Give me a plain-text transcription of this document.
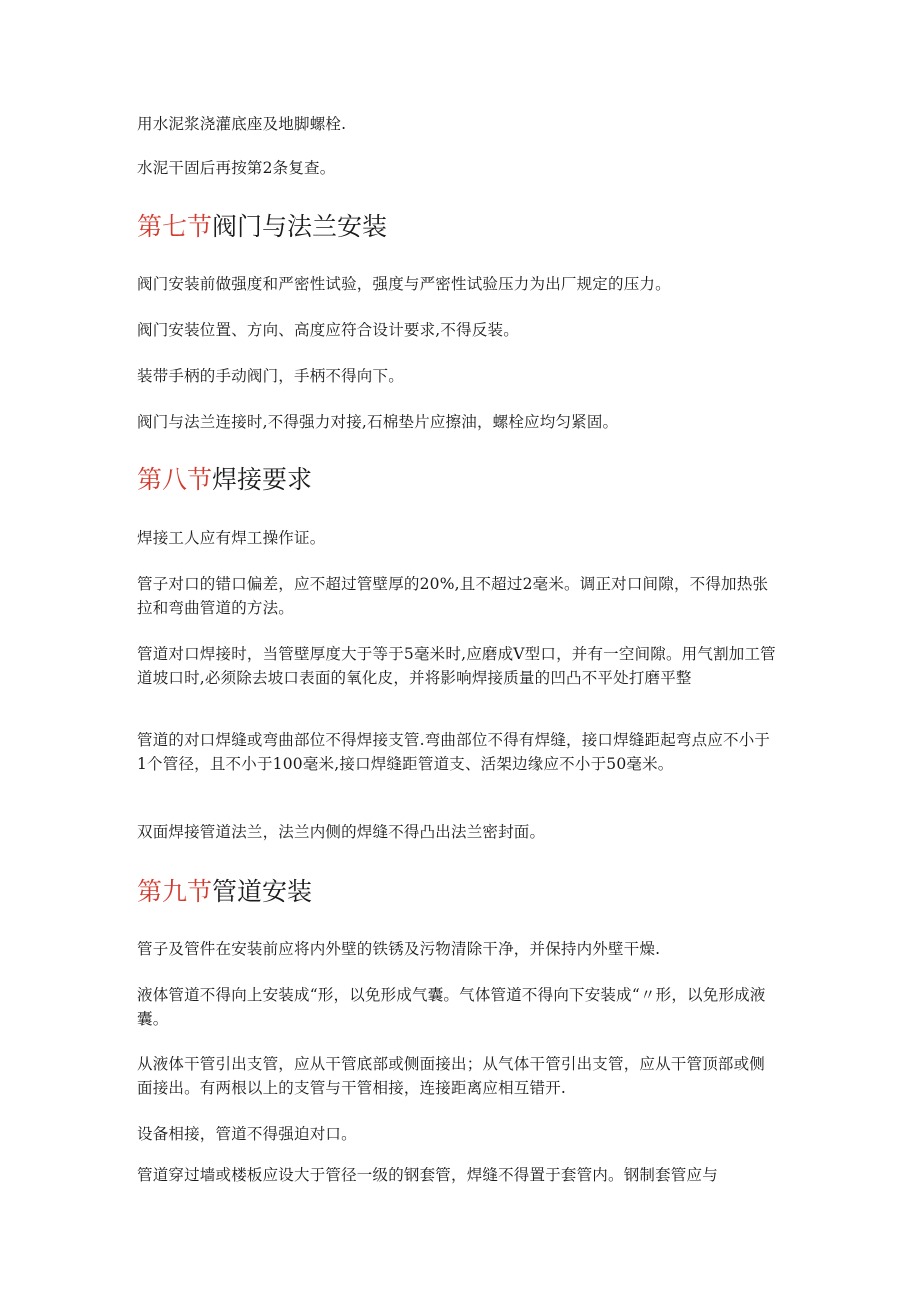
用水泥浆浇灌底座及地脚螺栓.

水泥干固后再按第2条复查。

第七节阀门与法兰安装

阀门安装前做强度和严密性试验，强度与严密性试验压力为出厂规定的压力。

阀门安装位置、方向、高度应符合设计要求,不得反装。

装带手柄的手动阀门，手柄不得向下。

阀门与法兰连接时,不得强力对接,石棉垫片应擦油，螺栓应均匀紧固。

第八节焊接要求

焊接工人应有焊工操作证。

管子对口的错口偏差，应不超过管壁厚的20%,且不超过2毫米。调正对口间隙，不得加热张拉和弯曲管道的方法。

管道对口焊接时，当管壁厚度大于等于5毫米时,应磨成V型口，并有一空间隙。用气割加工管道坡口时,必须除去坡口表面的氧化皮，并将影响焊接质量的凹凸不平处打磨平整

管道的对口焊缝或弯曲部位不得焊接支管.弯曲部位不得有焊缝，接口焊缝距起弯点应不小于1个管径，且不小于100毫米,接口焊缝距管道支、活架边缘应不小于50毫米。

双面焊接管道法兰，法兰内侧的焊缝不得凸出法兰密封面。

第九节管道安装

管子及管件在安装前应将内外壁的铁锈及污物清除干净，并保持内外壁干燥.

液体管道不得向上安装成“形，以免形成气囊。气体管道不得向下安装成“〃形，以免形成液囊。

从液体干管引出支管，应从干管底部或侧面接出；从气体干管引出支管，应从干管顶部或侧面接出。有两根以上的支管与干管相接，连接距离应相互错开.

设备相接，管道不得强迫对口。

管道穿过墙或楼板应设大于管径一级的钢套管，焊缝不得置于套管内。钢制套管应与
